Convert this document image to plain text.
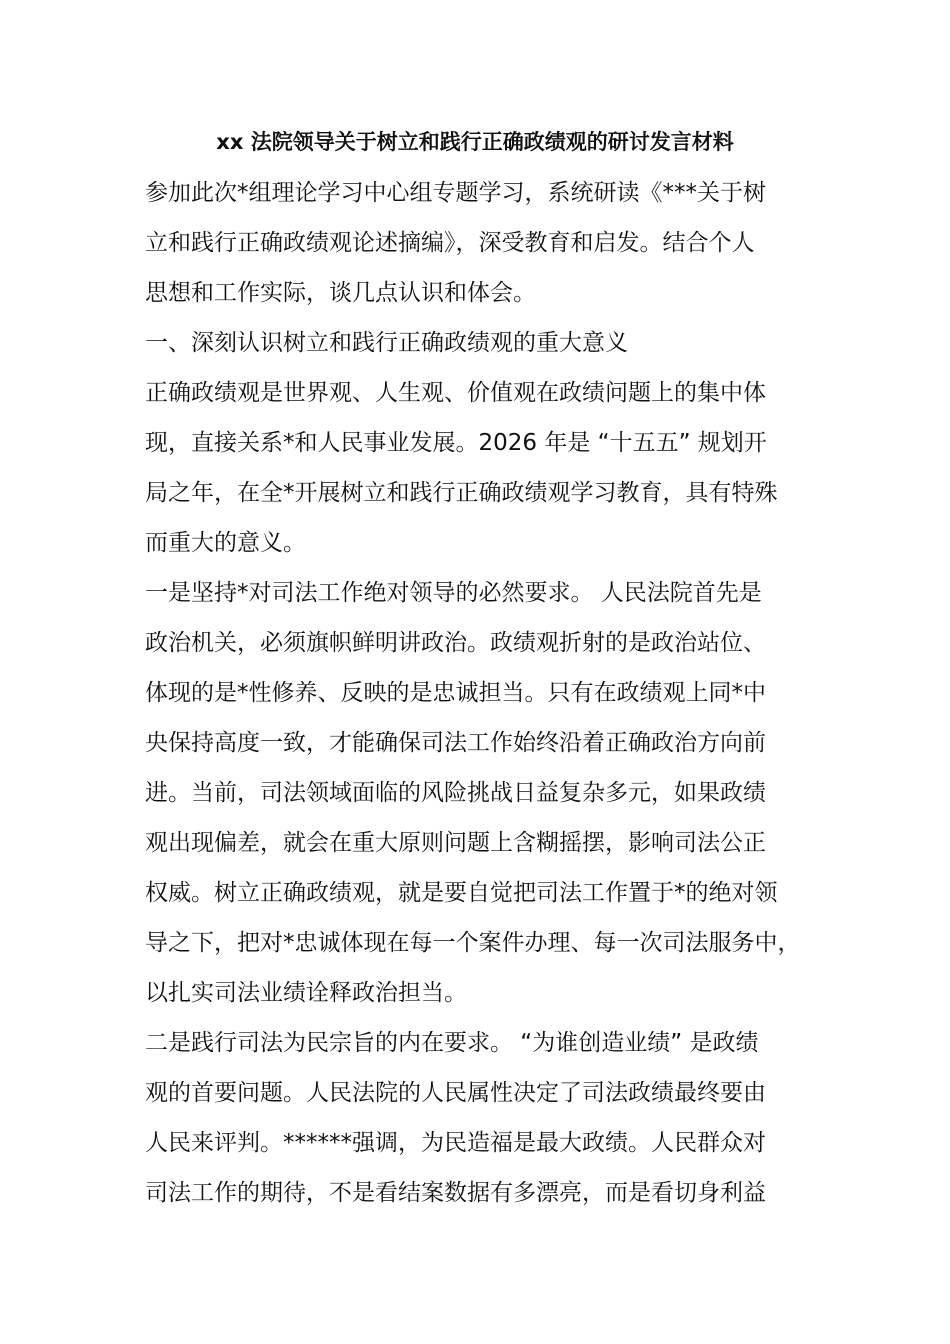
xx 法院领导关于树立和践行正确政绩观的研讨发言材料

参加此次*组理论学习中心组专题学习，系统研读《***关于树
立和践行正确政绩观论述摘编》，深受教育和启发。结合个人
思想和工作实际，谈几点认识和体会。

一、深刻认识树立和践行正确政绩观的重大意义

正确政绩观是世界观、人生观、价值观在政绩问题上的集中体
现，直接关系*和人民事业发展。2026 年是 “十五五” 规划开
局之年，在全*开展树立和践行正确政绩观学习教育，具有特殊
而重大的意义。

一是坚持*对司法工作绝对领导的必然要求。 人民法院首先是
政治机关，必须旗帜鲜明讲政治。政绩观折射的是政治站位、
体现的是*性修养、反映的是忠诚担当。只有在政绩观上同*中
央保持高度一致，才能确保司法工作始终沿着正确政治方向前
进。当前，司法领域面临的风险挑战日益复杂多元，如果政绩
观出现偏差，就会在重大原则问题上含糊摇摆，影响司法公正
权威。树立正确政绩观，就是要自觉把司法工作置于*的绝对领
导之下，把对*忠诚体现在每一个案件办理、每一次司法服务中，
以扎实司法业绩诠释政治担当。

二是践行司法为民宗旨的内在要求。 “为谁创造业绩” 是政绩
观的首要问题。人民法院的人民属性决定了司法政绩最终要由
人民来评判。******强调，为民造福是最大政绩。人民群众对
司法工作的期待，不是看结案数据有多漂亮，而是看切身利益
